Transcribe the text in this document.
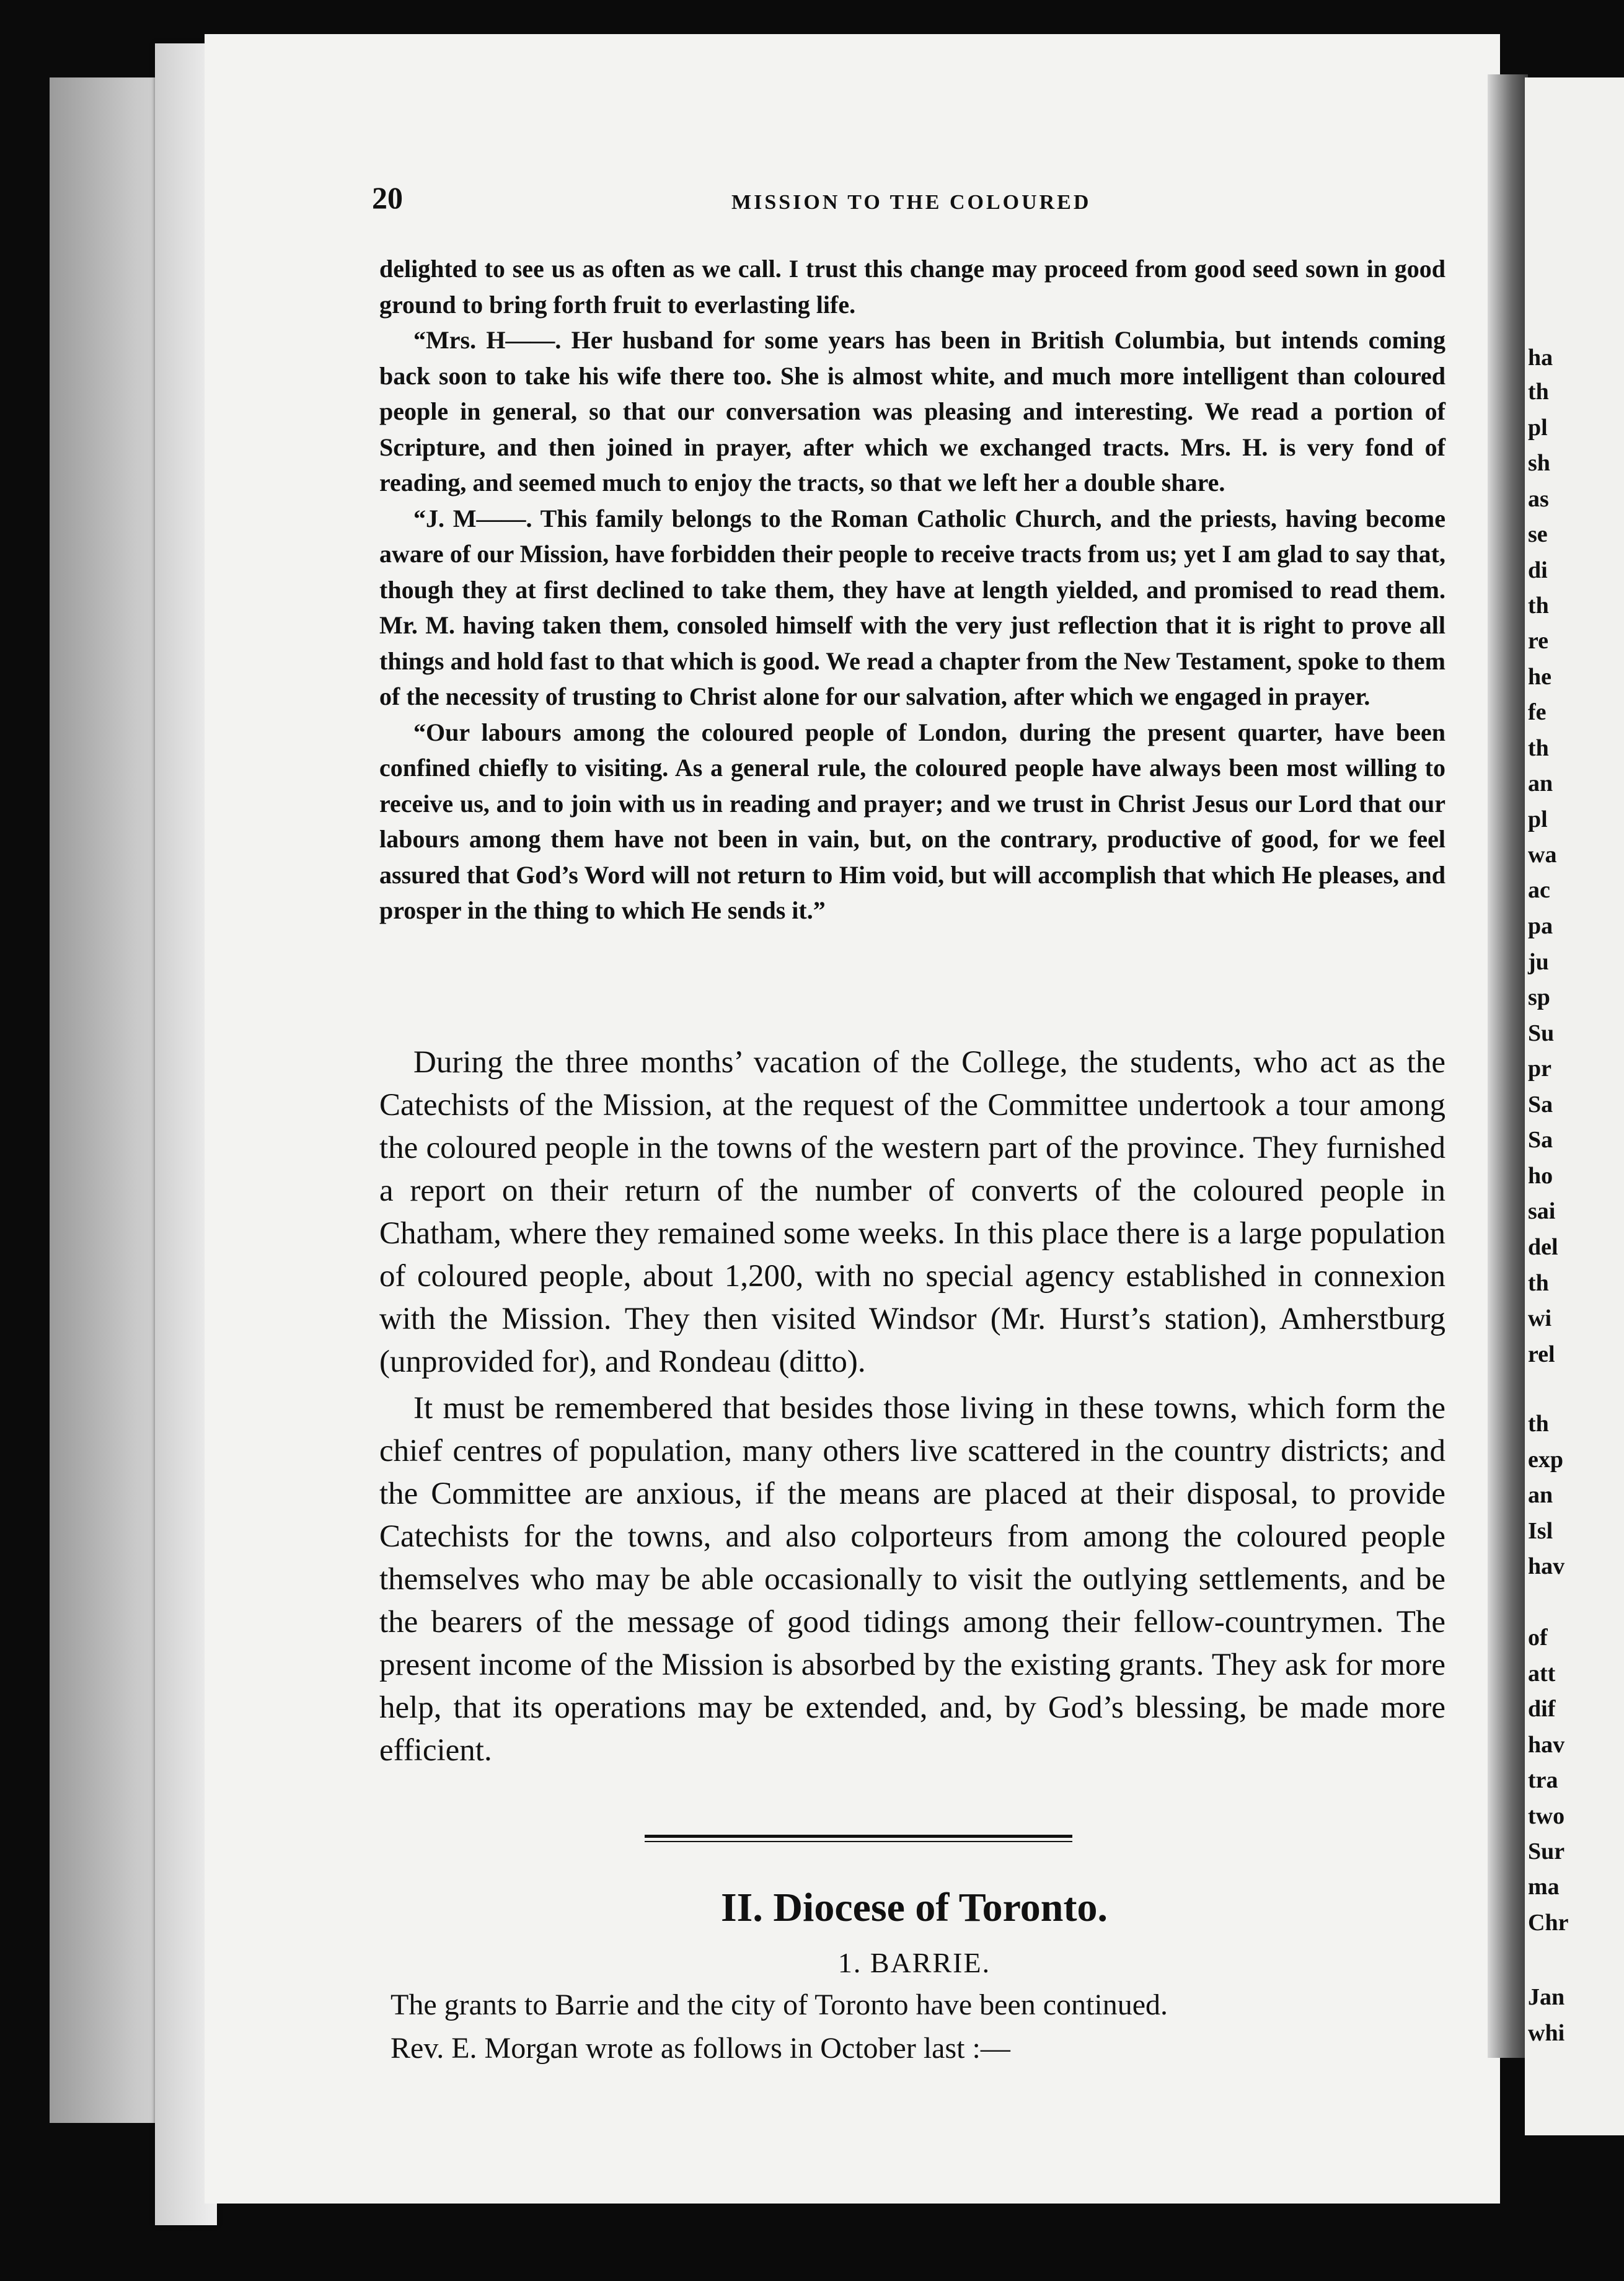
20	MISSION TO THE COLOURED

delighted to see us as often as we call. I trust this change may proceed from good seed sown in good ground to bring forth fruit to everlasting life.

“Mrs. H——. Her husband for some years has been in British Columbia, but intends coming back soon to take his wife there too. She is almost white, and much more intelligent than coloured people in general, so that our conversation was pleasing and interesting. We read a portion of Scripture, and then joined in prayer, after which we exchanged tracts. Mrs. H. is very fond of reading, and seemed much to enjoy the tracts, so that we left her a double share.

“J. M——. This family belongs to the Roman Catholic Church, and the priests, having become aware of our Mission, have forbidden their people to receive tracts from us; yet I am glad to say that, though they at first declined to take them, they have at length yielded, and promised to read them. Mr. M. having taken them, consoled himself with the very just reflection that it is right to prove all things and hold fast to that which is good. We read a chapter from the New Testament, spoke to them of the necessity of trusting to Christ alone for our salvation, after which we engaged in prayer.

“Our labours among the coloured people of London, during the present quarter, have been confined chiefly to visiting. As a general rule, the coloured people have always been most willing to receive us, and to join with us in reading and prayer; and we trust in Christ Jesus our Lord that our labours among them have not been in vain, but, on the contrary, productive of good, for we feel assured that God’s Word will not return to Him void, but will accomplish that which He pleases, and prosper in the thing to which He sends it.”

During the three months’ vacation of the College, the students, who act as the Catechists of the Mission, at the request of the Committee undertook a tour among the coloured people in the towns of the western part of the province. They furnished a report on their return of the number of converts of the coloured people in Chatham, where they remained some weeks. In this place there is a large population of coloured people, about 1,200, with no special agency established in connexion with the Mission. They then visited Windsor (Mr. Hurst’s station), Amherstburg (unprovided for), and Rondeau (ditto).

It must be remembered that besides those living in these towns, which form the chief centres of population, many others live scattered in the country districts; and the Committee are anxious, if the means are placed at their disposal, to provide Catechists for the towns, and also colporteurs from among the coloured people themselves who may be able occasionally to visit the outlying settlements, and be the bearers of the message of good tidings among their fellow-countrymen. The present income of the Mission is absorbed by the existing grants. They ask for more help, that its operations may be extended, and, by God’s blessing, be made more efficient.

II. Diocese of Toronto.
1. BARRIE.

The grants to Barrie and the city of Toronto have been continued.

Rev. E. Morgan wrote as follows in October last :—

ha
th
pl
sh
as
se
di
th
re
he
fe
th
an
pl
wa
ac
pa
ju
sp
Su
pr
Sa
Sa
ho
sai
del
th
wi
rel
th
exp
an
Isl
hav
of
att
dif
hav
tra
two
Sur
ma
Chr
Jan
whi
